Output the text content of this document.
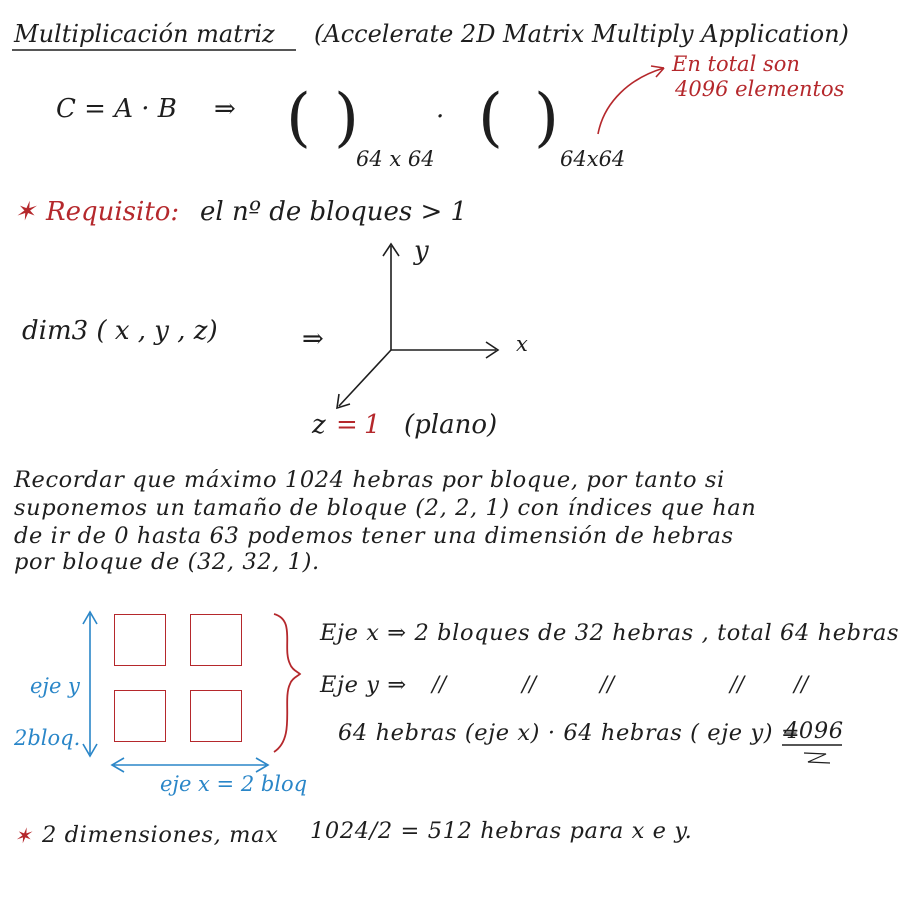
Multiplicación matriz (Accelerate 2D Matrix Multiply Application)
En total son
4096 elementos
C = A · B ⇒ ( )
64 x 64
· ( )
64x64
✶ Requisito: el nº de bloques > 1
y
x
dim3 ( x , y , z)	⇒
z = 1 (plano)
Recordar que máximo 1024 hebras por bloque, por tanto si
suponemos un tamaño de bloque (2, 2, 1) con índices que han
de ir de 0 hasta 63 podemos tener una dimensión de hebras
por bloque de (32, 32, 1).
eje y
2bloq.
eje x = 2 bloq
Eje x ⇒ 2 bloques de 32 hebras , total 64 hebras
Eje y ⇒ //	//	//	// //
64 hebras (eje x) · 64 hebras ( eje y) =
4096
✶ 2 dimensiones, max 1024/2 = 512 hebras para x e y.
